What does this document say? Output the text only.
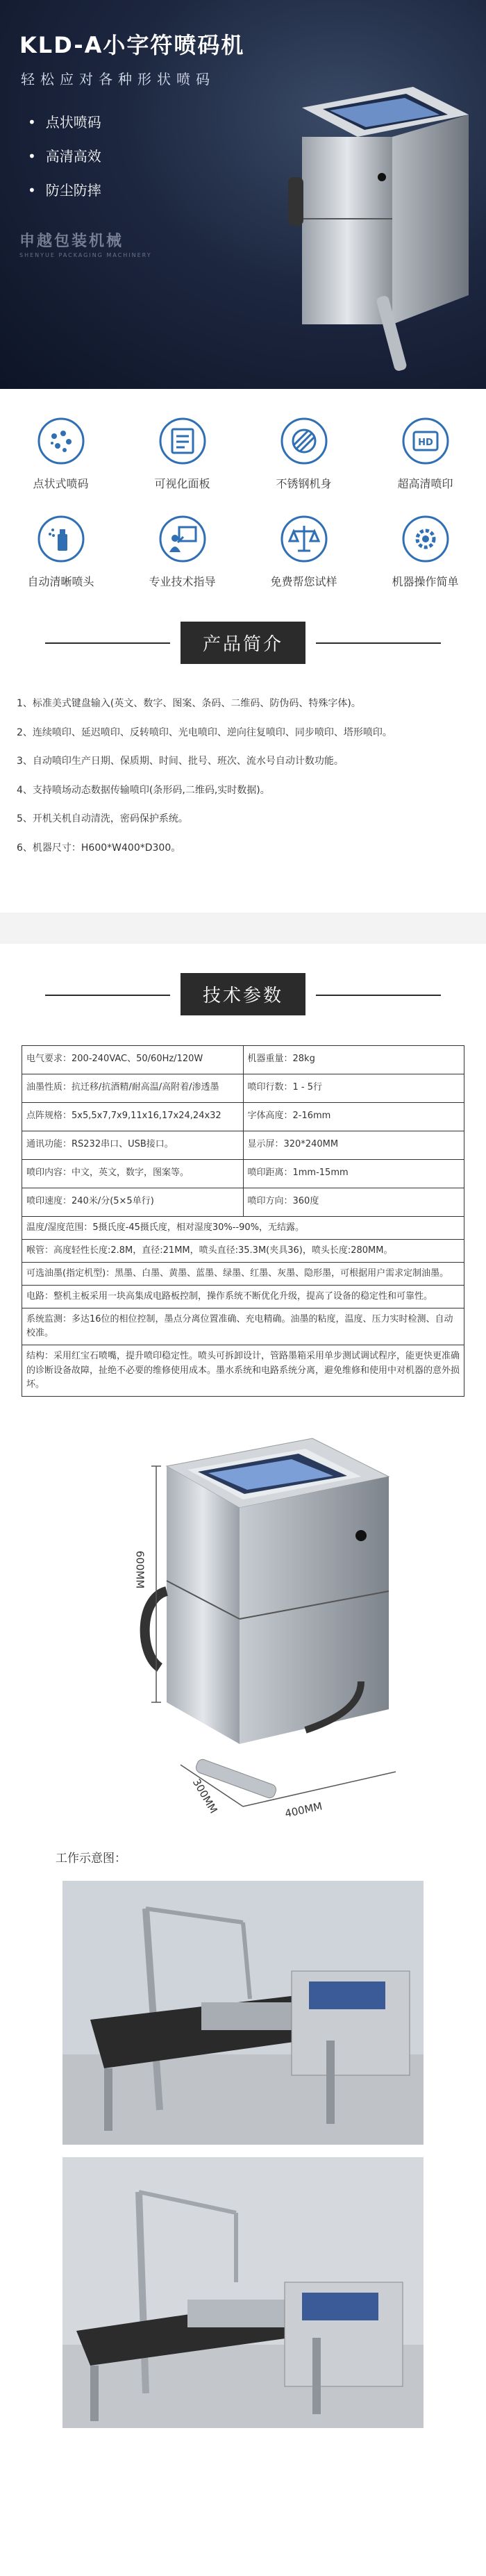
KLD-A小字符喷码机
轻松应对各种形状喷码
• 点状喷码
• 高清高效
• 防尘防摔
申越包装机械
SHENYUE PACKAGING MACHINERY
点状式喷码	可视化面板	不锈钢机身
HD
超高清喷印
自动清晰喷头	专业技术指导	免费帮您试样	机器操作简单
产品简介

1、标准美式键盘输入(英文、数字、图案、条码、二维码、防伪码、特殊字体)。

2、连续喷印、延迟喷印、反转喷印、光电喷印、逆向往复喷印、同步喷印、塔形喷印。

3、自动喷印生产日期、保质期、时间、批号、班次、流水号自动计数功能。

4、支持喷场动态数据传输喷印(条形码,二维码,实时数据)。

5、开机关机自动清洗，密码保护系统。

6、机器尺寸：H600*W400*D300。

技术参数
电气要求：200-240VAC、50/60Hz/120W	机器重量：28kg
油墨性质：抗迁移/抗酒精/耐高温/高附着/渗透墨	喷印行数：1 - 5行
点阵规格：5x5,5x7,7x9,11x16,17x24,24x32	字体高度：2-16mm
通讯功能：RS232串口、USB接口。	显示屏：320*240MM
喷印内容：中文，英文，数字，图案等。	喷印距离：1mm-15mm
喷印速度：240米/分(5×5单行)	喷印方向：360度
温度/湿度范围：5摄氏度-45摄氏度，相对湿度30%--90%，无结露。	
喉管：高度轻性长度:2.8M，直径:21MM，喷头直径:35.3M(夹具36)，喷头长度:280MM。	
可选油墨(指定机型)：黑墨、白墨、黄墨、蓝墨、绿墨、红墨、灰墨、隐形墨，可根据用户需求定制油墨。	
电路：整机主板采用一块高集成电路板控制，操作系统不断优化升级，提高了设备的稳定性和可靠性。	
系统监测：多达16位的相位控制，墨点分离位置准确、充电精确。油墨的粘度，温度、压力实时检测、自动校准。	
结构：采用红宝石喷嘴，提升喷印稳定性。喷头可拆卸设计，管路墨箱采用单步测试调试程序，能更快更准确的诊断设备故障，扯绝不必要的维修使用成本。墨水系统和电路系统分离，避免维修和使用中对机器的意外损坏。	
600MM
300MM	400MM
工作示意图：
